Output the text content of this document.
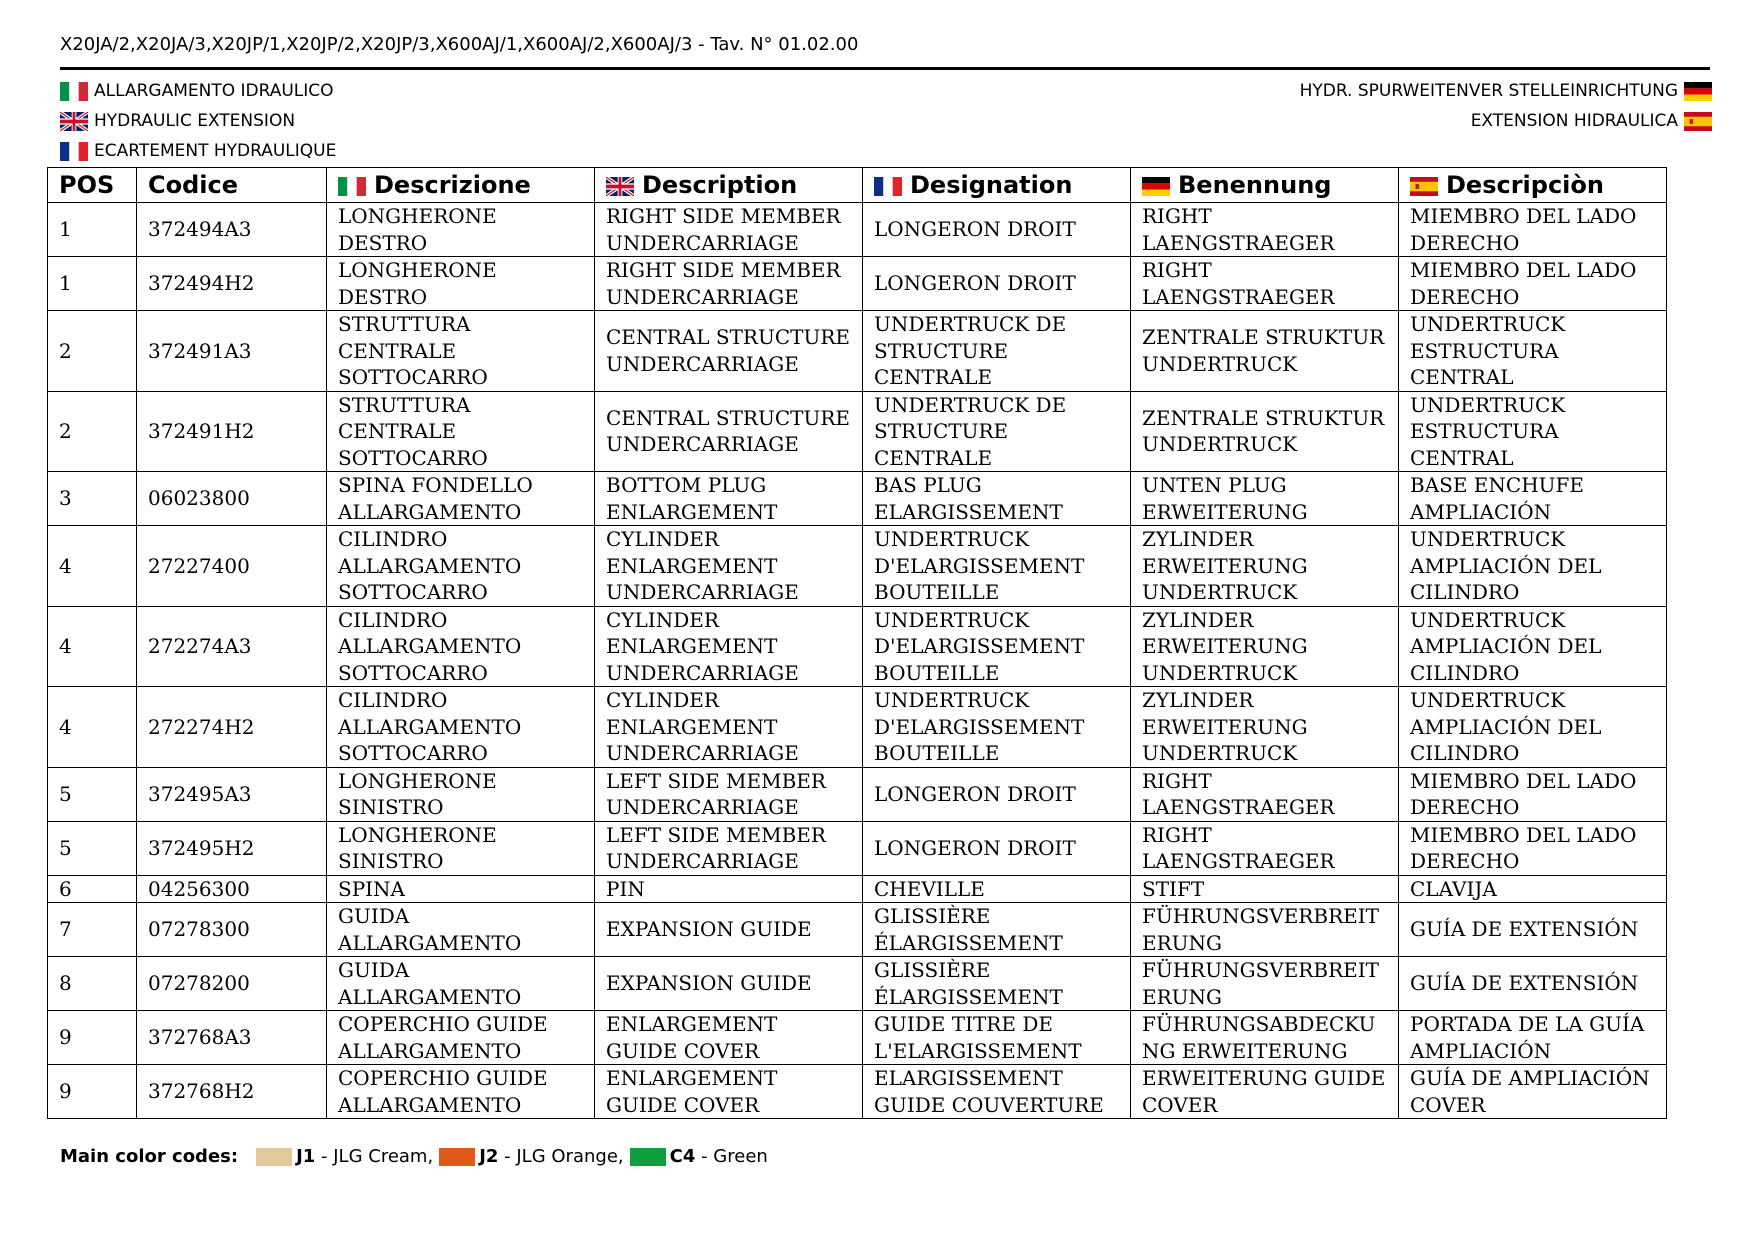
X20JA/2,X20JA/3,X20JP/1,X20JP/2,X20JP/3,X600AJ/1,X600AJ/2,X600AJ/3 - Tav. N° 01.02.00
ALLARGAMENTO IDRAULICO
HYDRAULIC EXTENSION
ECARTEMENT HYDRAULIQUE
HYDR. SPURWEITENVER STELLEINRICHTUNG
EXTENSION HIDRAULICA
POS	Codice	Descrizione	Description	Designation	Benennung	Descripciòn
1	372494A3	LONGHERONE DESTRO	RIGHT SIDE MEMBER UNDERCARRIAGE	LONGERON DROIT	RIGHT LAENGSTRAEGER	MIEMBRO DEL LADO DERECHO
1	372494H2	LONGHERONE DESTRO	RIGHT SIDE MEMBER UNDERCARRIAGE	LONGERON DROIT	RIGHT LAENGSTRAEGER	MIEMBRO DEL LADO DERECHO
2	372491A3	STRUTTURA CENTRALE SOTTOCARRO	CENTRAL STRUCTURE UNDERCARRIAGE	UNDERTRUCK DE STRUCTURE CENTRALE	ZENTRALE STRUKTUR UNDERTRUCK	UNDERTRUCK ESTRUCTURA CENTRAL
2	372491H2	STRUTTURA CENTRALE SOTTOCARRO	CENTRAL STRUCTURE UNDERCARRIAGE	UNDERTRUCK DE STRUCTURE CENTRALE	ZENTRALE STRUKTUR UNDERTRUCK	UNDERTRUCK ESTRUCTURA CENTRAL
3	06023800	SPINA FONDELLO ALLARGAMENTO	BOTTOM PLUG ENLARGEMENT	BAS PLUG ELARGISSEMENT	UNTEN PLUG ERWEITERUNG	BASE ENCHUFE AMPLIACIÓN
4	27227400	CILINDRO ALLARGAMENTO SOTTOCARRO	CYLINDER ENLARGEMENT UNDERCARRIAGE	UNDERTRUCK D'ELARGISSEMENT BOUTEILLE	ZYLINDER ERWEITERUNG UNDERTRUCK	UNDERTRUCK AMPLIACIÓN DEL CILINDRO
4	272274A3	CILINDRO ALLARGAMENTO SOTTOCARRO	CYLINDER ENLARGEMENT UNDERCARRIAGE	UNDERTRUCK D'ELARGISSEMENT BOUTEILLE	ZYLINDER ERWEITERUNG UNDERTRUCK	UNDERTRUCK AMPLIACIÓN DEL CILINDRO
4	272274H2	CILINDRO ALLARGAMENTO SOTTOCARRO	CYLINDER ENLARGEMENT UNDERCARRIAGE	UNDERTRUCK D'ELARGISSEMENT BOUTEILLE	ZYLINDER ERWEITERUNG UNDERTRUCK	UNDERTRUCK AMPLIACIÓN DEL CILINDRO
5	372495A3	LONGHERONE SINISTRO	LEFT SIDE MEMBER UNDERCARRIAGE	LONGERON DROIT	RIGHT LAENGSTRAEGER	MIEMBRO DEL LADO DERECHO
5	372495H2	LONGHERONE SINISTRO	LEFT SIDE MEMBER UNDERCARRIAGE	LONGERON DROIT	RIGHT LAENGSTRAEGER	MIEMBRO DEL LADO DERECHO
6	04256300	SPINA	PIN	CHEVILLE	STIFT	CLAVIJA
7	07278300	GUIDA ALLARGAMENTO	EXPANSION GUIDE	GLISSIÈRE ÉLARGISSEMENT	FÜHRUNGSVERBREIT ERUNG	GUÍA DE EXTENSIÓN
8	07278200	GUIDA ALLARGAMENTO	EXPANSION GUIDE	GLISSIÈRE ÉLARGISSEMENT	FÜHRUNGSVERBREIT ERUNG	GUÍA DE EXTENSIÓN
9	372768A3	COPERCHIO GUIDE ALLARGAMENTO	ENLARGEMENT GUIDE COVER	GUIDE TITRE DE L'ELARGISSEMENT	FÜHRUNGSABDECKU NG ERWEITERUNG	PORTADA DE LA GUÍA AMPLIACIÓN
9	372768H2	COPERCHIO GUIDE ALLARGAMENTO	ENLARGEMENT GUIDE COVER	ELARGISSEMENT GUIDE COUVERTURE	ERWEITERUNG GUIDE COVER	GUÍA DE AMPLIACIÓN COVER
Main color codes:	J1 - JLG Cream,	J2 - JLG Orange,	C4 - Green
